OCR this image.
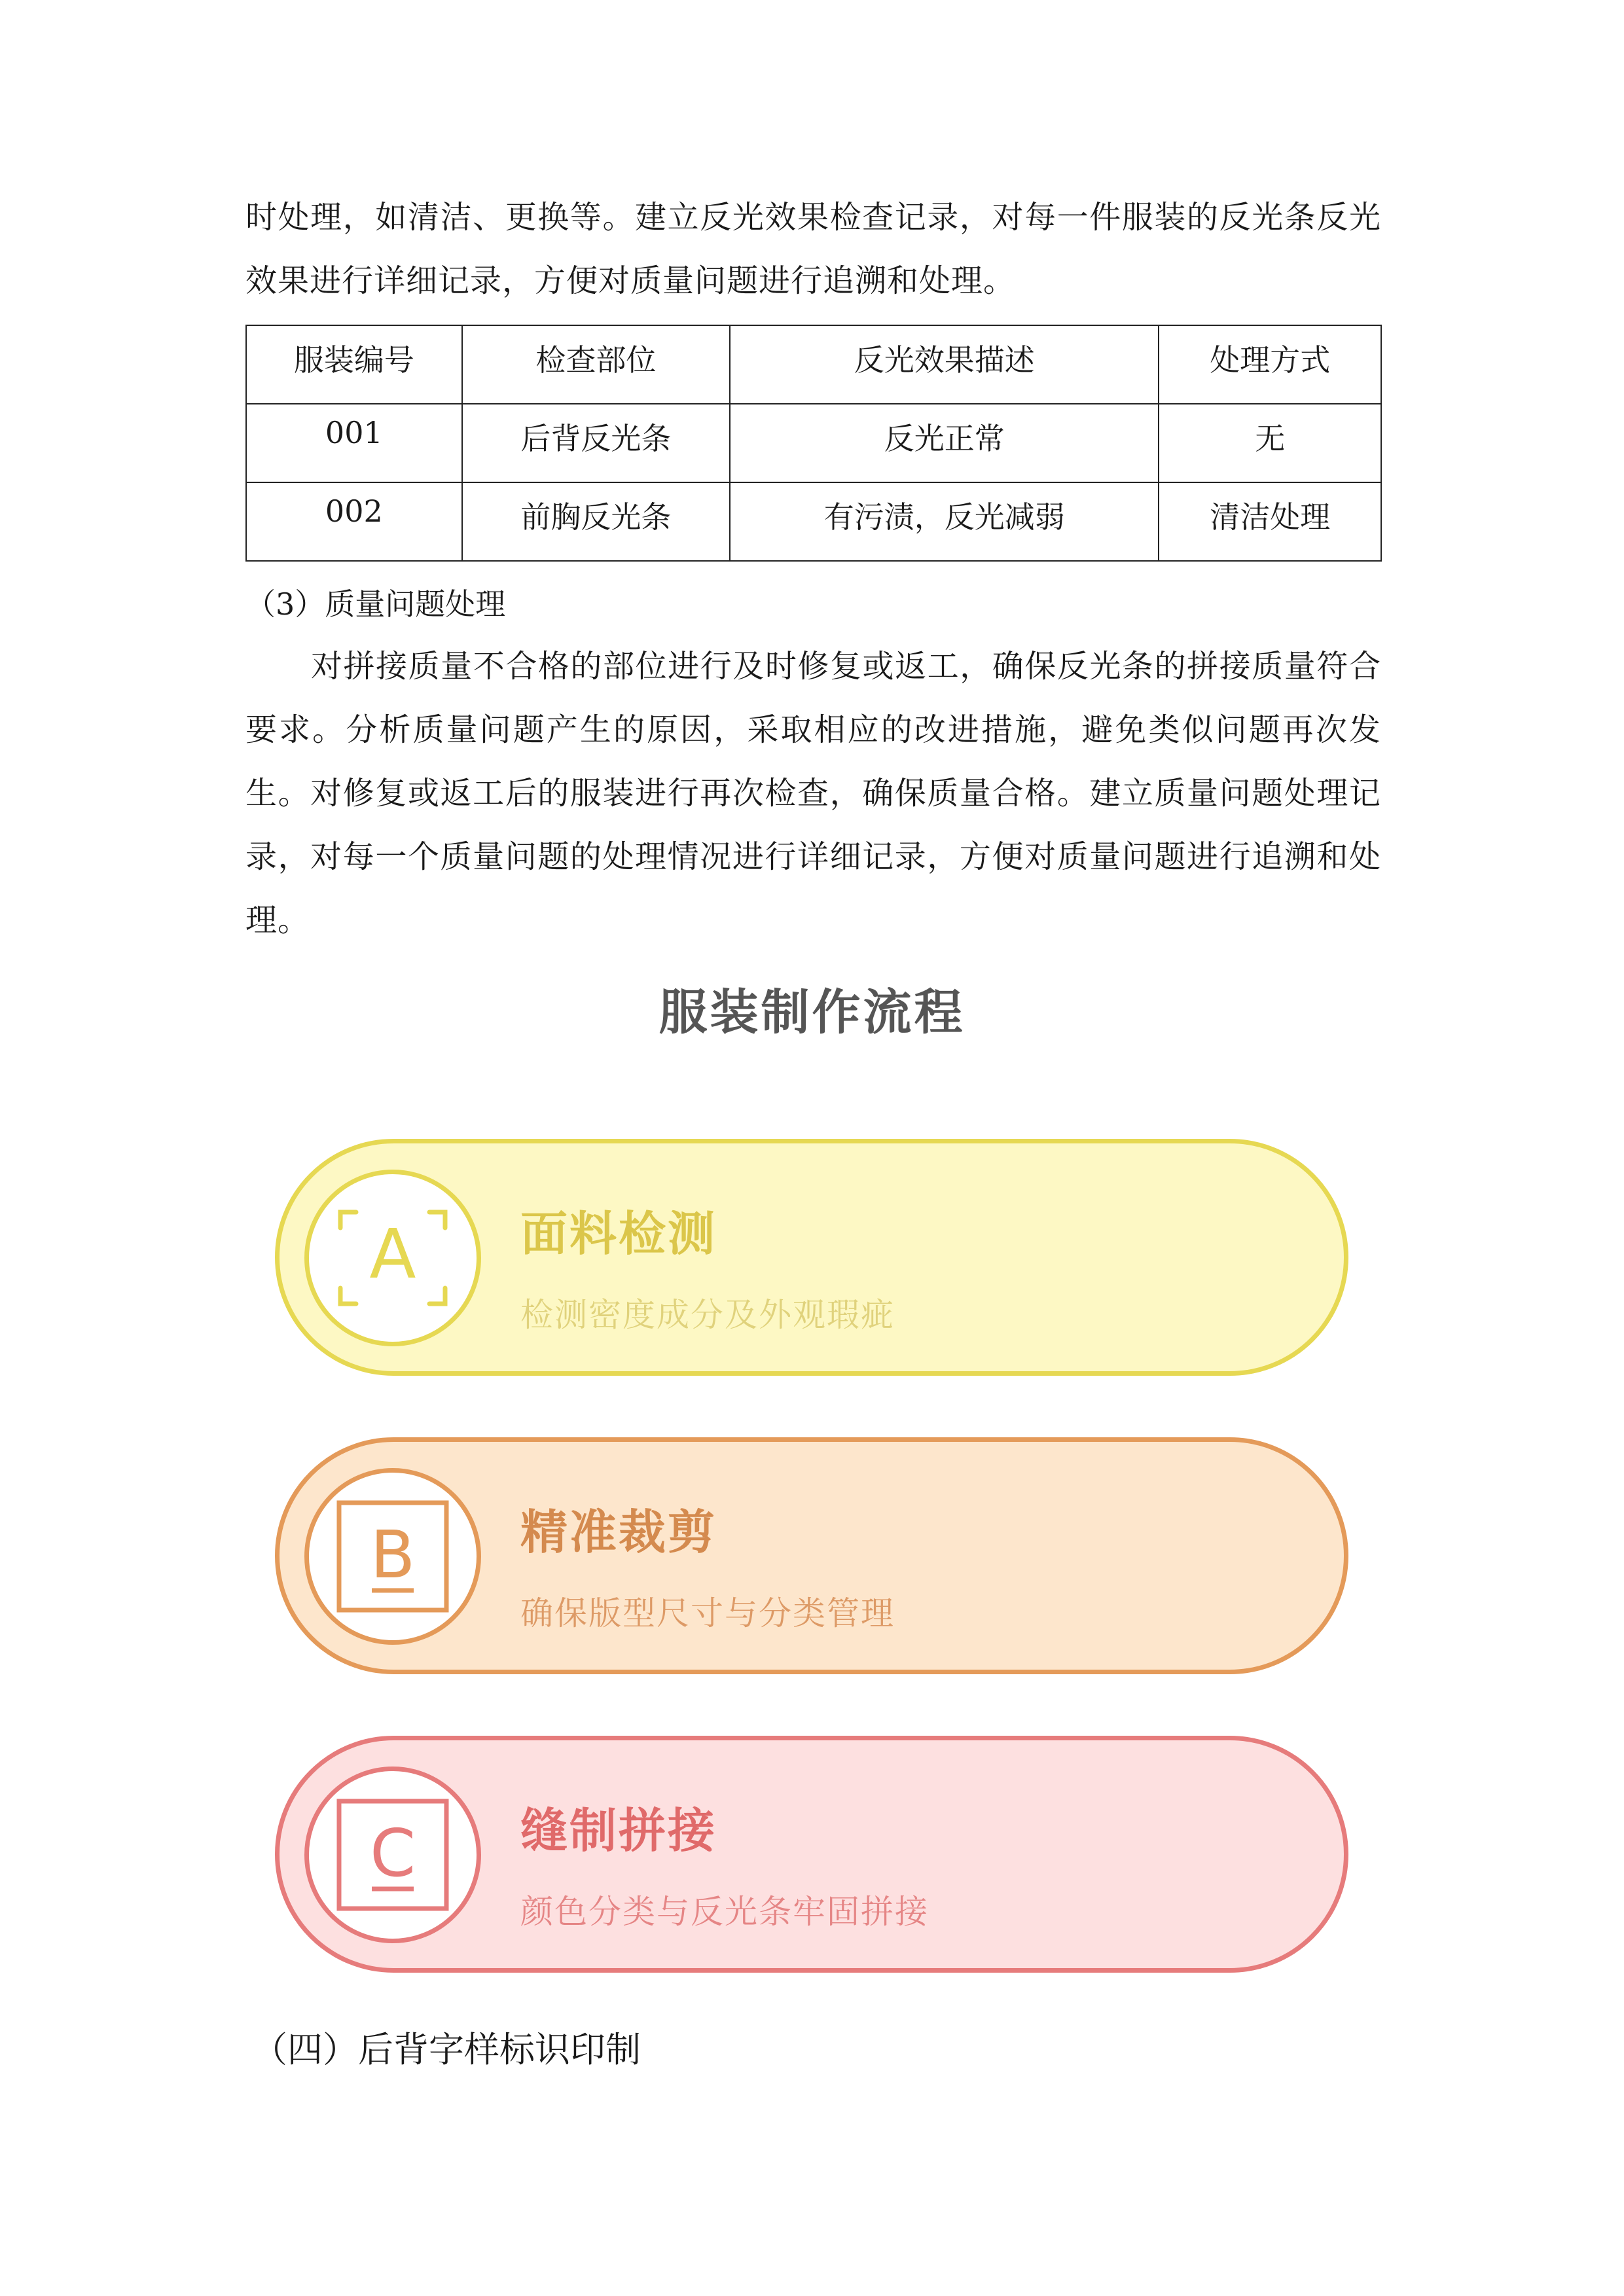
时处理，如清洁、更换等。建立反光效果检查记录，对每一件服装的反光条反光效果进行详细记录，方便对质量问题进行追溯和处理。

服装编号	检查部位	反光效果描述	处理方式
001	后背反光条	反光正常	无
002	前胸反光条	有污渍，反光减弱	清洁处理

（3）质量问题处理

对拼接质量不合格的部位进行及时修复或返工，确保反光条的拼接质量符合要求。分析质量问题产生的原因，采取相应的改进措施，避免类似问题再次发生。对修复或返工后的服装进行再次检查，确保质量合格。建立质量问题处理记录，对每一个质量问题的处理情况进行详细记录，方便对质量问题进行追溯和处理。

服装制作流程
A 面料检测
检测密度成分及外观瑕疵
B 精准裁剪
确保版型尺寸与分类管理
C 缝制拼接
颜色分类与反光条牢固拼接

（四）后背字样标识印制
